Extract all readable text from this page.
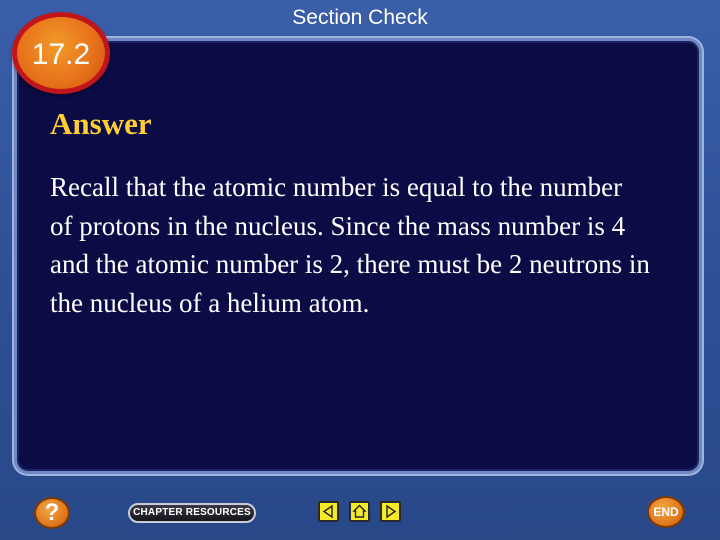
Section Check
17.2
Answer
Recall that the atomic number is equal to the number of protons in the nucleus. Since the mass number is 4 and the atomic number is 2, there must be 2 neutrons in the nucleus of a helium atom.
?	CHAPTER RESOURCES	END
